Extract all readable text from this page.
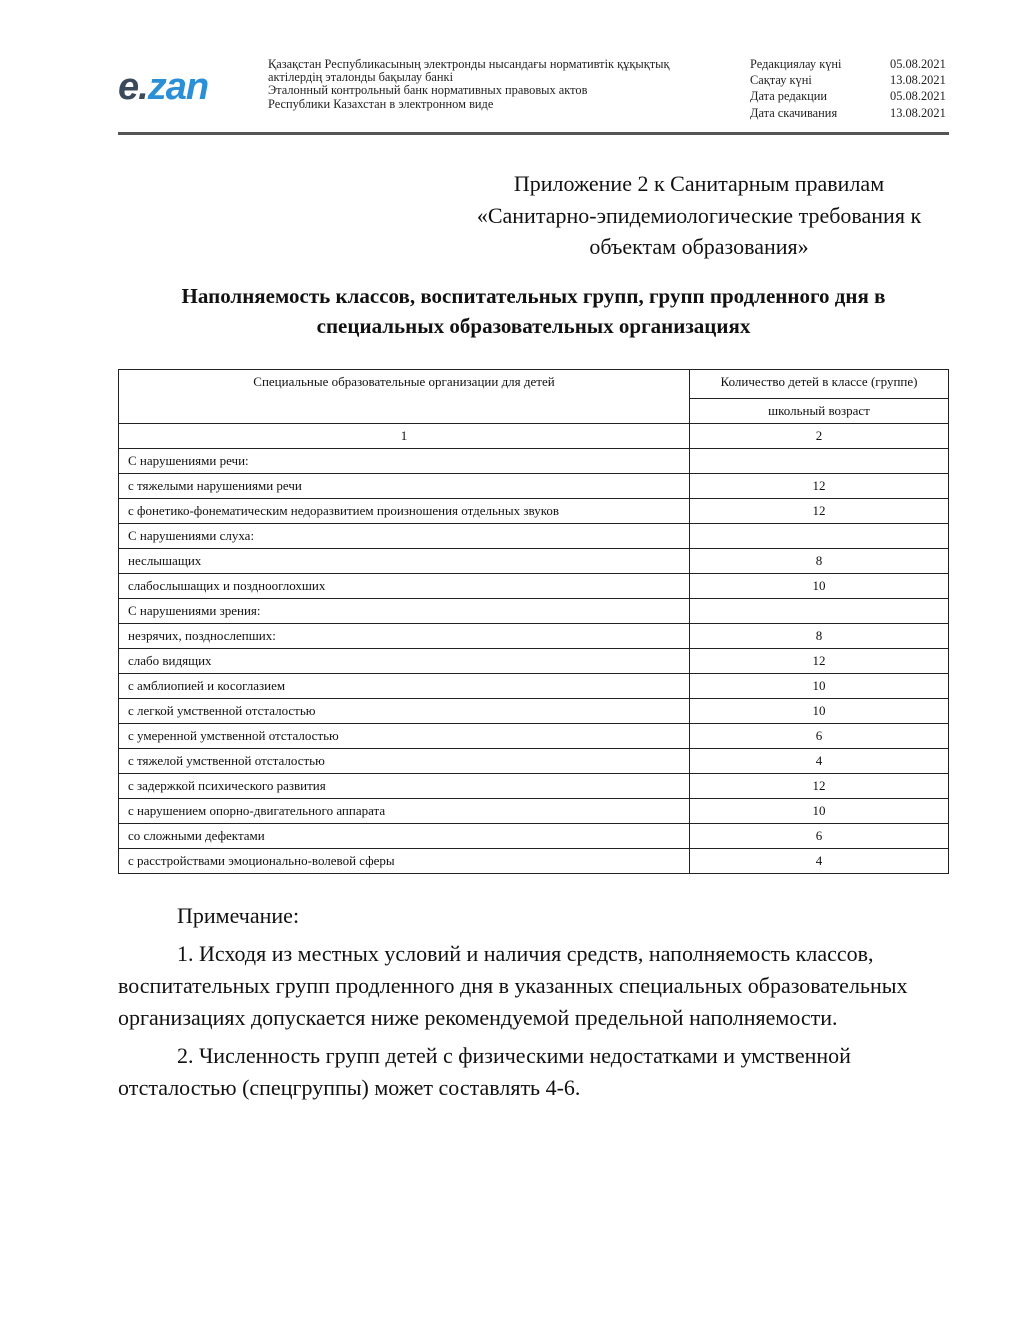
e.zan
Қазақстан Республикасының электронды нысандағы нормативтік құқықтық
актілердің эталонды бақылау банкі
Эталонный контрольный банк нормативных правовых актов
Республики Казахстан в электронном виде
Редакциялау күні	05.08.2021
Сақтау күні	13.08.2021
Дата редакции	05.08.2021
Дата скачивания	13.08.2021
Приложение 2 к Санитарным правилам
«Санитарно-эпидемиологические требования к
объектам образования»
Наполняемость классов, воспитательных групп, групп продленного дня в
специальных образовательных организациях
Специальные образовательные организации для детей	Количество детей в классе (группе)
	школьный возраст
1	2
С нарушениями речи:	
с тяжелыми нарушениями речи	12
с фонетико-фонематическим недоразвитием произношения отдельных звуков	12
С нарушениями слуха:	
неслышащих	8
слабослышащих и позднооглохших	10
С нарушениями зрения:	
незрячих, позднослепших:	8
слабо видящих	12
с амблиопией и косоглазием	10
с легкой умственной отсталостью	10
с умеренной умственной отсталостью	6
с тяжелой умственной отсталостью	4
с задержкой психического развития	12
с нарушением опорно-двигательного аппарата	10
со сложными дефектами	6
с расстройствами эмоционально-волевой сферы	4

Примечание:

1. Исходя из местных условий и наличия средств, наполняемость классов, воспитательных групп продленного дня в указанных специальных образовательных организациях допускается ниже рекомендуемой предельной наполняемости.

2. Численность групп детей с физическими недостатками и умственной отсталостью (спецгруппы) может составлять 4-6.
